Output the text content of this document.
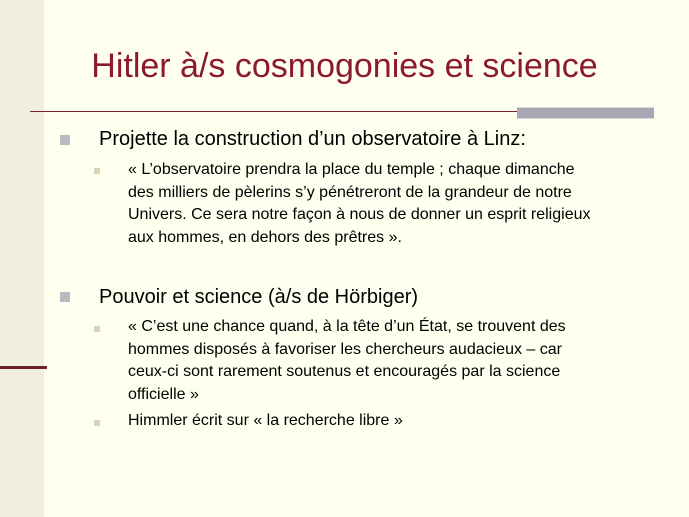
Hitler à/s cosmogonies et science
Projette la construction d’un observatoire à Linz:
« L’observatoire prendra la place du temple ; chaque dimanche
des milliers de pèlerins s’y pénétreront de la grandeur de notre
Univers. Ce sera notre façon à nous de donner un esprit religieux
aux hommes, en dehors des prêtres ».
Pouvoir et science (à/s de Hörbiger)
« C’est une chance quand, à la tête d’un État, se trouvent des
hommes disposés à favoriser les chercheurs audacieux – car
ceux-ci sont rarement soutenus et encouragés par la science
officielle »
Himmler écrit sur « la recherche libre »
